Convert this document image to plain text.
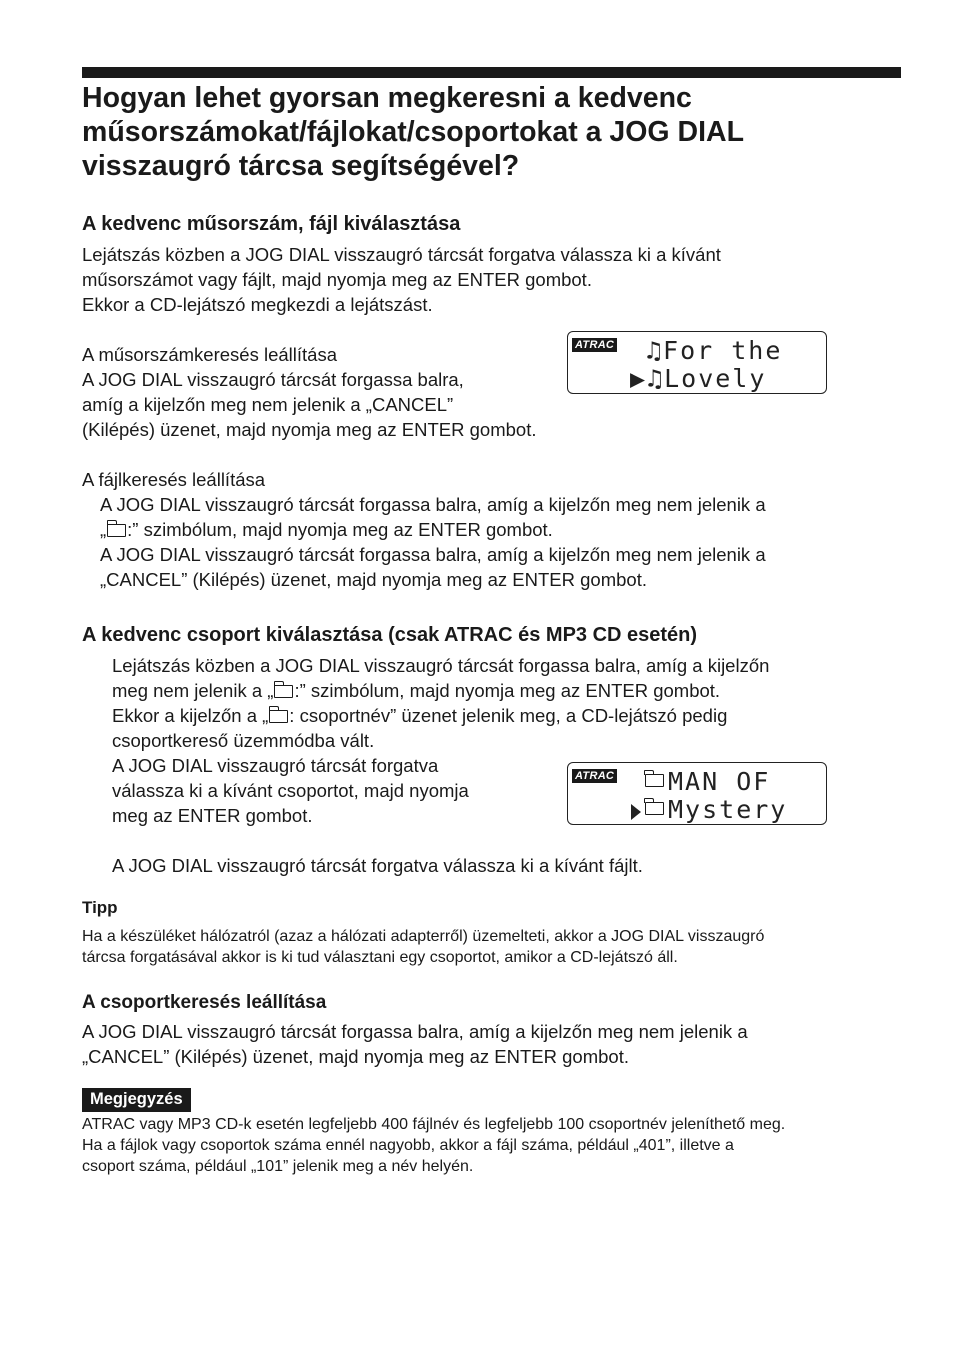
Hogyan lehet gyorsan megkeresni a kedvenc
műsorszámokat/fájlokat/csoportokat a JOG DIAL
visszaugró tárcsa segítségével?
A kedvenc műsorszám, fájl kiválasztása
Lejátszás közben a JOG DIAL visszaugró tárcsát forgatva válassza ki a kívánt
műsorszámot vagy fájlt, majd nyomja meg az ENTER gombot.
Ekkor a CD-lejátszó megkezdi a lejátszást.
A műsorszámkeresés leállítása
A JOG DIAL visszaugró tárcsát forgassa balra,
amíg a kijelzőn meg nem jelenik a „CANCEL”
(Kilépés) üzenet, majd nyomja meg az ENTER gombot.
ATRAC ♫For the
▶♫Lovely
A fájlkeresés leállítása
A JOG DIAL visszaugró tárcsát forgassa balra, amíg a kijelzőn meg nem jelenik a
„ :” szimbólum, majd nyomja meg az ENTER gombot.
A JOG DIAL visszaugró tárcsát forgassa balra, amíg a kijelzőn meg nem jelenik a
„CANCEL” (Kilépés) üzenet, majd nyomja meg az ENTER gombot.
A kedvenc csoport kiválasztása (csak ATRAC és MP3 CD esetén)
Lejátszás közben a JOG DIAL visszaugró tárcsát forgassa balra, amíg a kijelzőn
meg nem jelenik a „ :” szimbólum, majd nyomja meg az ENTER gombot.
Ekkor a kijelzőn a „ : csoportnév” üzenet jelenik meg, a CD-lejátszó pedig
csoportkereső üzemmódba vált.
A JOG DIAL visszaugró tárcsát forgatva
válassza ki a kívánt csoportot, majd nyomja
meg az ENTER gombot.
ATRAC MAN OF
Mystery
A JOG DIAL visszaugró tárcsát forgatva válassza ki a kívánt fájlt.
Tipp
Ha a készüléket hálózatról (azaz a hálózati adapterről) üzemelteti, akkor a JOG DIAL visszaugró
tárcsa forgatásával akkor is ki tud választani egy csoportot, amikor a CD-lejátszó áll.
A csoportkeresés leállítása
A JOG DIAL visszaugró tárcsát forgassa balra, amíg a kijelzőn meg nem jelenik a
„CANCEL” (Kilépés) üzenet, majd nyomja meg az ENTER gombot.
Megjegyzés
ATRAC vagy MP3 CD-k esetén legfeljebb 400 fájlnév és legfeljebb 100 csoportnév jeleníthető meg.
Ha a fájlok vagy csoportok száma ennél nagyobb, akkor a fájl száma, például „401”, illetve a
csoport száma, például „101” jelenik meg a név helyén.
